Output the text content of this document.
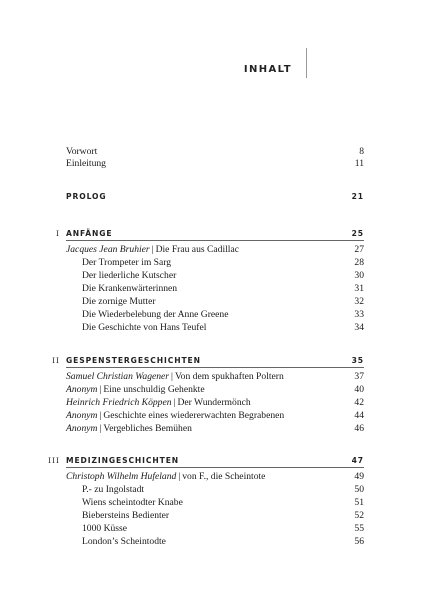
INHALT
Vorwort	8
Einleitung	11
PROLOG	21
I ANFÄNGE	25
Jacques Jean Bruhier | Die Frau aus Cadillac	27
Der Trompeter im Sarg	28
Der liederliche Kutscher	30
Die Krankenwärterinnen	31
Die zornige Mutter	32
Die Wiederbelebung der Anne Greene	33
Die Geschichte von Hans Teufel	34
II GESPENSTERGESCHICHTEN	35
Samuel Christian Wagener | Von dem spukhaften Poltern	37
Anonym | Eine unschuldig Gehenkte	40
Heinrich Friedrich Köppen | Der Wundermönch	42
Anonym | Geschichte eines wiedererwachten Begrabenen	44
Anonym | Vergebliches Bemühen	46
III MEDIZINGESCHICHTEN	47
Christoph Wilhelm Hufeland | von F., die Scheintote	49
P.- zu Ingolstadt	50
Wiens scheintodter Knabe	51
Biebersteins Bedienter	52
1000 Küsse	55
London’s Scheintodte	56
